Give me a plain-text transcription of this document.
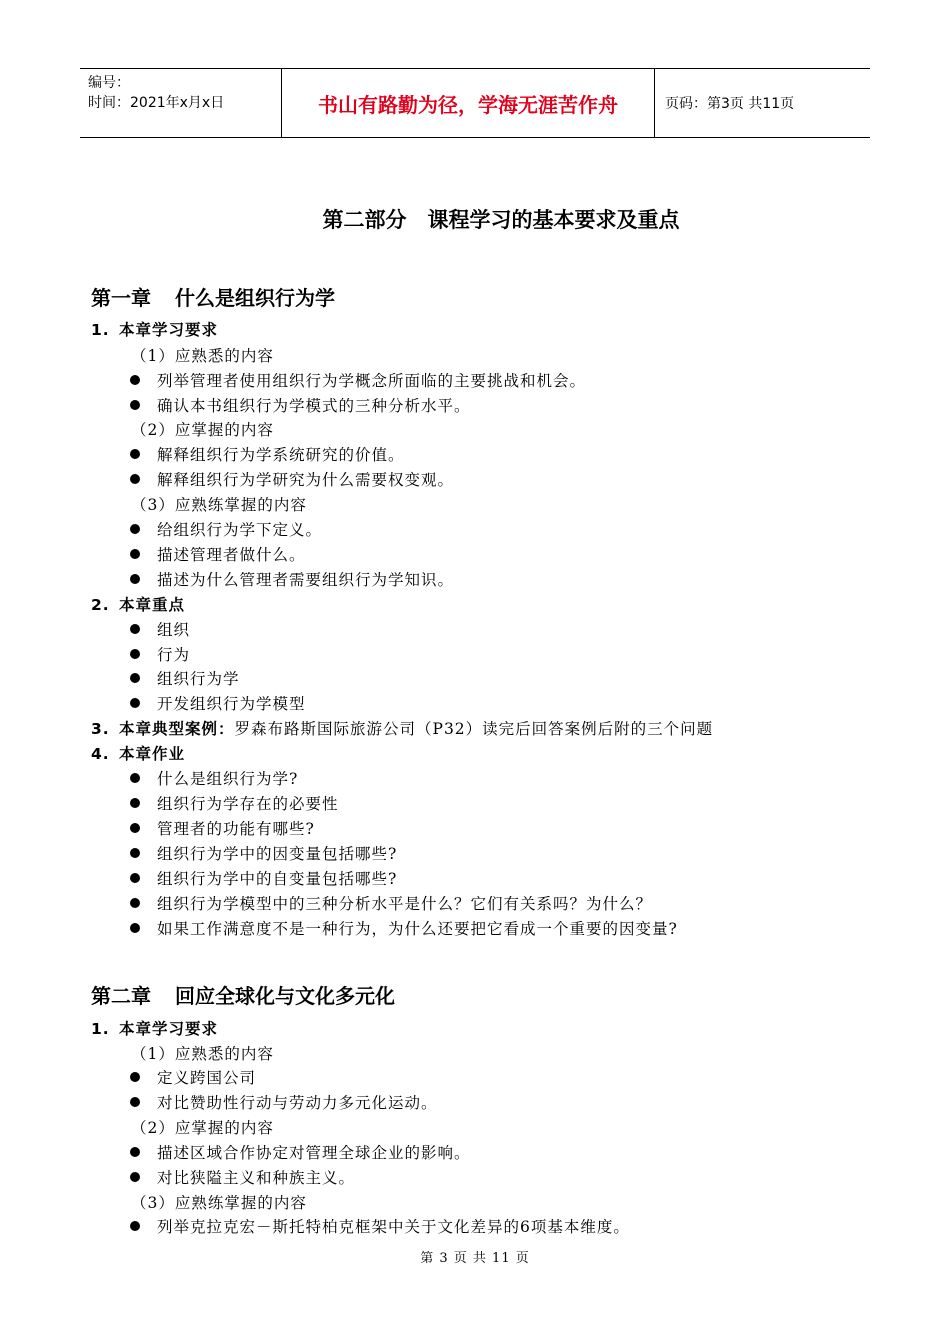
编号：
时间：2021年x月x日	书山有路勤为径，学海无涯苦作舟	页码：第3页 共11页
第二部分　课程学习的基本要求及重点
第一章 什么是组织行为学
1. 本章学习要求
（1）应熟悉的内容
列举管理者使用组织行为学概念所面临的主要挑战和机会。
确认本书组织行为学模式的三种分析水平。
（2）应掌握的内容
解释组织行为学系统研究的价值。
解释组织行为学研究为什么需要权变观。
（3）应熟练掌握的内容
给组织行为学下定义。
描述管理者做什么。
描述为什么管理者需要组织行为学知识。
2. 本章重点
组织
行为
组织行为学
开发组织行为学模型
3. 本章典型案例：罗森布路斯国际旅游公司（P32）读完后回答案例后附的三个问题
4. 本章作业
什么是组织行为学?
组织行为学存在的必要性
管理者的功能有哪些?
组织行为学中的因变量包括哪些?
组织行为学中的自变量包括哪些?
组织行为学模型中的三种分析水平是什么？它们有关系吗？为什么？
如果工作满意度不是一种行为，为什么还要把它看成一个重要的因变量?
第二章 回应全球化与文化多元化
1. 本章学习要求
（1）应熟悉的内容
定义跨国公司
对比赞助性行动与劳动力多元化运动。
（2）应掌握的内容
描述区域合作协定对管理全球企业的影响。
对比狭隘主义和种族主义。
（3）应熟练掌握的内容
列举克拉克宏－斯托特柏克框架中关于文化差异的6项基本维度。
第 3 页 共 11 页
